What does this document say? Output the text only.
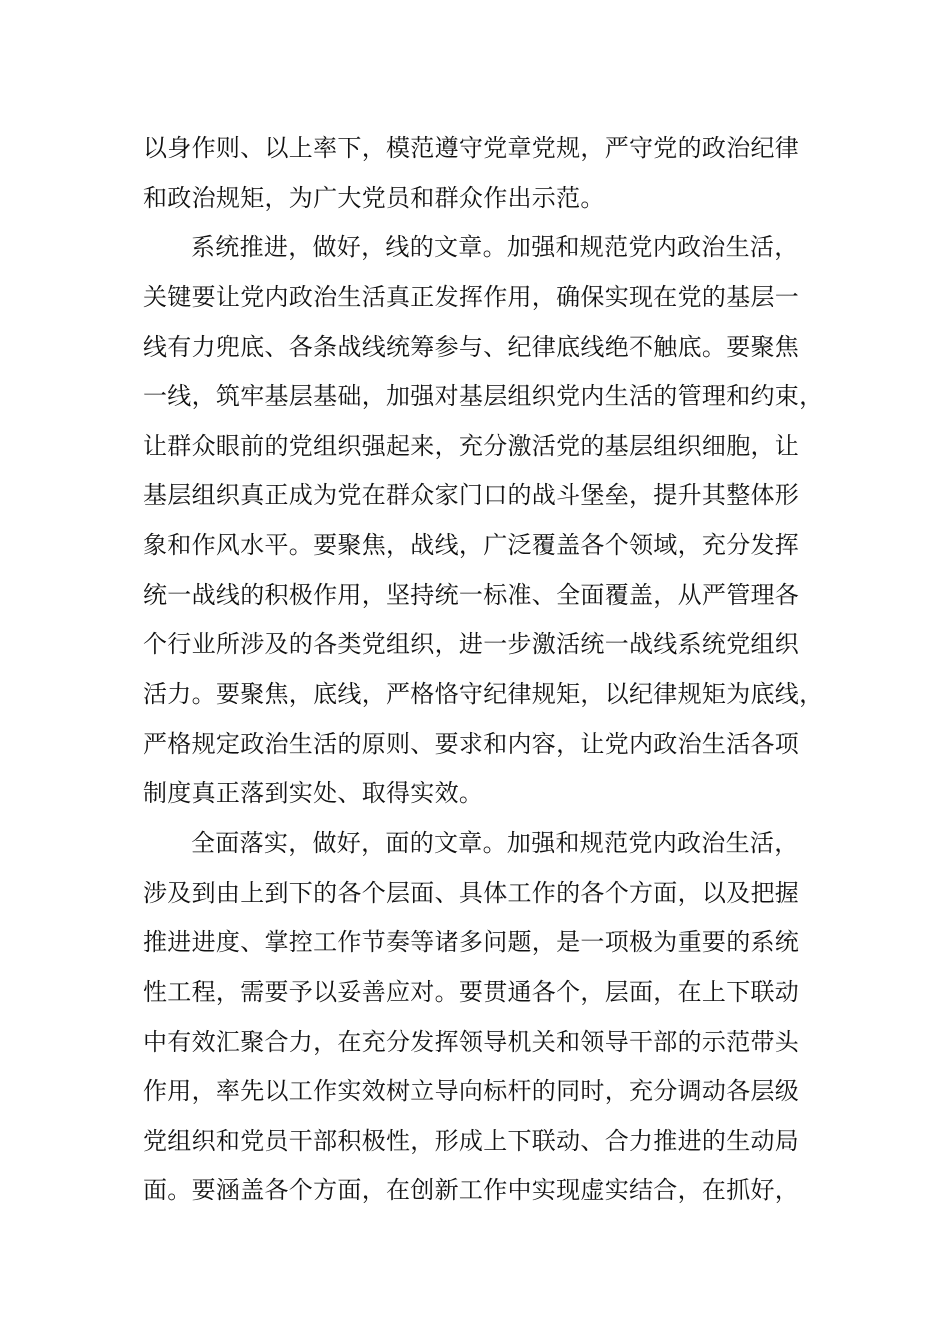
以身作则、以上率下，模范遵守党章党规，严守党的政治纪律
和政治规矩，为广大党员和群众作出示范。
系统推进，做好，线的文章。加强和规范党内政治生活，
关键要让党内政治生活真正发挥作用，确保实现在党的基层一
线有力兜底、各条战线统筹参与、纪律底线绝不触底。要聚焦
一线，筑牢基层基础，加强对基层组织党内生活的管理和约束，
让群众眼前的党组织强起来，充分激活党的基层组织细胞，让
基层组织真正成为党在群众家门口的战斗堡垒，提升其整体形
象和作风水平。要聚焦，战线，广泛覆盖各个领域，充分发挥
统一战线的积极作用，坚持统一标准、全面覆盖，从严管理各
个行业所涉及的各类党组织，进一步激活统一战线系统党组织
活力。要聚焦，底线，严格恪守纪律规矩，以纪律规矩为底线，
严格规定政治生活的原则、要求和内容，让党内政治生活各项
制度真正落到实处、取得实效。
全面落实，做好，面的文章。加强和规范党内政治生活，
涉及到由上到下的各个层面、具体工作的各个方面，以及把握
推进进度、掌控工作节奏等诸多问题，是一项极为重要的系统
性工程，需要予以妥善应对。要贯通各个，层面，在上下联动
中有效汇聚合力，在充分发挥领导机关和领导干部的示范带头
作用，率先以工作实效树立导向标杆的同时，充分调动各层级
党组织和党员干部积极性，形成上下联动、合力推进的生动局
面。要涵盖各个方面，在创新工作中实现虚实结合，在抓好，
